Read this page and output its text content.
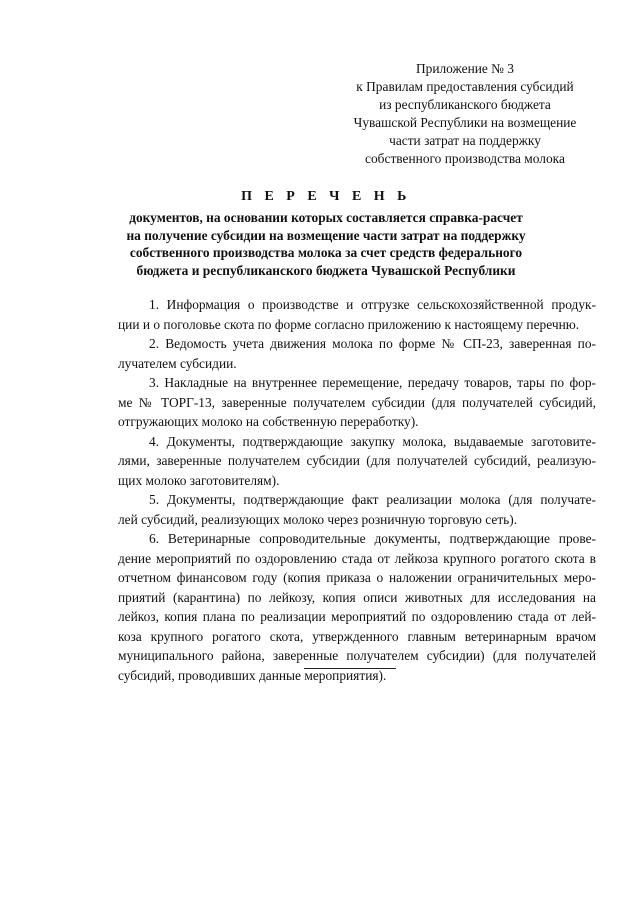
Приложение № 3
к Правилам предоставления субсидий
из республиканского бюджета
Чувашской Республики на возмещение
части затрат на поддержку
собственного производства молока
П Е Р Е Ч Е Н Ь
документов, на основании которых составляется справка-расчет
на получение субсидии на возмещение части затрат на поддержку
собственного производства молока за счет средств федерального
бюджета и республиканского бюджета Чувашской Республики

1. Информация о производстве и отгрузке сельскохозяйственной продук-
ции и о поголовье скота по форме согласно приложению к настоящему перечню.

2. Ведомость учета движения молока по форме № СП-23, заверенная по-
лучателем субсидии.

3. Накладные на внутреннее перемещение, передачу товаров, тары по фор-
ме № ТОРГ-13, заверенные получателем субсидии (для получателей субсидий,
отгружающих молоко на собственную переработку).

4. Документы, подтверждающие закупку молока, выдаваемые заготовите-
лями, заверенные получателем субсидии (для получателей субсидий, реализую-
щих молоко заготовителям).

5. Документы, подтверждающие факт реализации молока (для получате-
лей субсидий, реализующих молоко через розничную торговую сеть).

6. Ветеринарные сопроводительные документы, подтверждающие прове-
дение мероприятий по оздоровлению стада от лейкоза крупного рогатого скота в
отчетном финансовом году (копия приказа о наложении ограничительных меро-
приятий (карантина) по лейкозу, копия описи животных для исследования на
лейкоз, копия плана по реализации мероприятий по оздоровлению стада от лей-
коза крупного рогатого скота, утвержденного главным ветеринарным врачом
муниципального района, заверенные получателем субсидии) (для получателей
субсидий, проводивших данные мероприятия).
